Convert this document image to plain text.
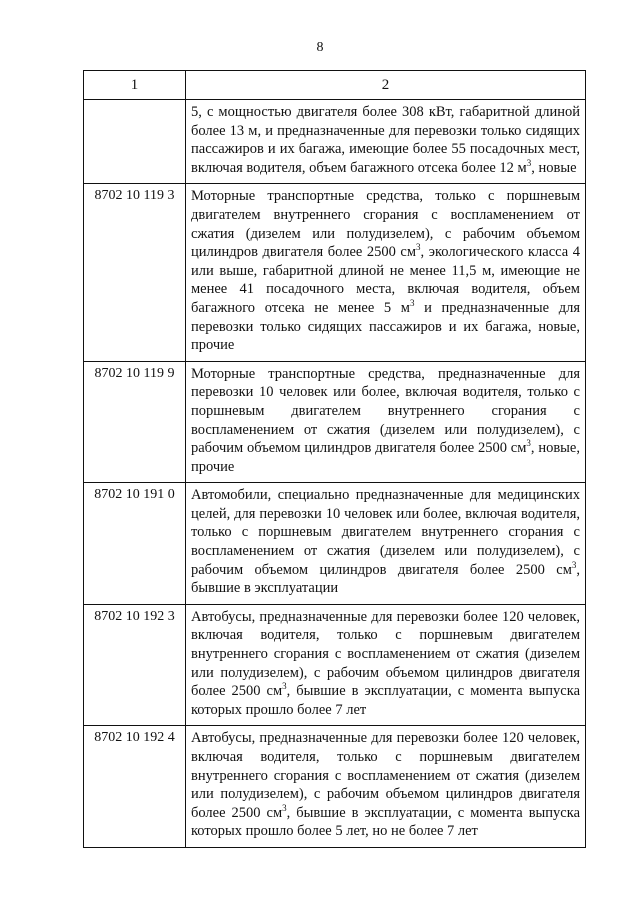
8
1	2
	5, с мощностью двигателя более 308 кВт, габаритной длиной более 13 м, и предназначенные для перевозки только сидящих пассажиров и их багажа, имеющие более 55 посадочных мест, включая водителя, объем багажного отсека более 12 $м^3$, новые
8702 10 119 3	Моторные транспортные средства, только с поршневым двигателем внутреннего сгорания с воспламенением от сжатия (дизелем или полудизелем), с рабочим объемом цилиндров двигателя более 2500 $см^3$, экологического класса 4 или выше, габаритной длиной не менее 11,5 м, имеющие не менее 41 посадочного места, включая водителя, объем багажного отсека не менее 5 $м^3$ и предназначенные для перевозки только сидящих пассажиров и их багажа, новые, прочие
8702 10 119 9	Моторные транспортные средства, предназначенные для перевозки 10 человек или более, включая водителя, только с поршневым двигателем внутреннего сгорания с воспламенением от сжатия (дизелем или полудизелем), с рабочим объемом цилиндров двигателя более 2500 $см^3$, новые, прочие
8702 10 191 0	Автомобили, специально предназначенные для медицинских целей, для перевозки 10 человек или более, включая водителя, только с поршневым двигателем внутреннего сгорания с воспламенением от сжатия (дизелем или полудизелем), с рабочим объемом цилиндров двигателя более 2500 $см^3$, бывшие в эксплуатации
8702 10 192 3	Автобусы, предназначенные для перевозки более 120 человек, включая водителя, только с поршневым двигателем внутреннего сгорания с воспламенением от сжатия (дизелем или полудизелем), с рабочим объемом цилиндров двигателя более 2500 $см^3$, бывшие в эксплуатации, с момента выпуска которых прошло более 7 лет
8702 10 192 4	Автобусы, предназначенные для перевозки более 120 человек, включая водителя, только с поршневым двигателем внутреннего сгорания с воспламенением от сжатия (дизелем или полудизелем), с рабочим объемом цилиндров двигателя более 2500 $см^3$, бывшие в эксплуатации, с момента выпуска которых прошло более 5 лет, но не более 7 лет
